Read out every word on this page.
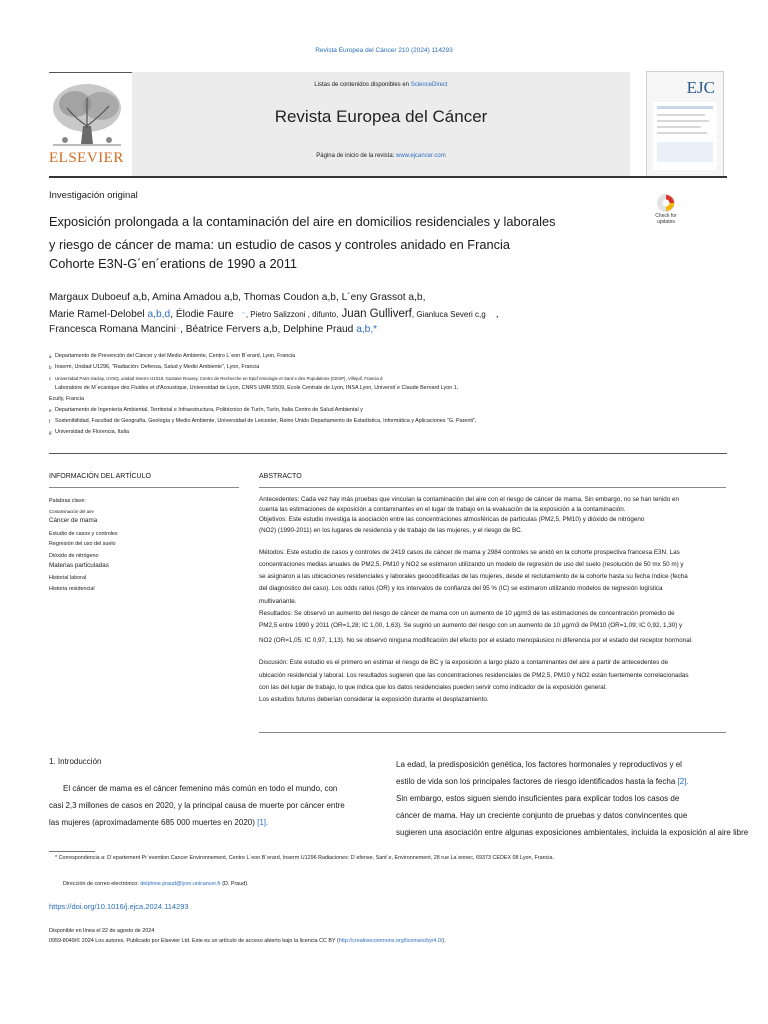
Revista Europea del Cáncer 210 (2024) 114293
ELSEVIER
Listas de contenidos disponibles en ScienceDirect
Revista Europea del Cáncer
Página de inicio de la revista: www.ejcancer.com
EJC
Check for updates
Investigación original
Exposición prolongada a la contaminación del aire en domicilios residenciales y laborales
y riesgo de cáncer de mama: un estudio de casos y controles anidado en Francia
Cohorte E3N-G´en´erations de 1990 a 2011
Margaux Duboeuf a,b, Amina Amadou a,b, Thomas Coudon a,b, L´eny Grassot a,b,
Marie Ramel-Delobel a,b,d, Élodie Faure ⁻, Pietro Salizzoni , difunto, Juan Gulliverf, Gianluca Severi c,g ,
Francesca Romana Mancini⁻, Béatrice Fervers a,b, Delphine Praud a,b,*
a Departamento de Prevención del Cáncer y del Medio Ambiente, Centro L´eon B´erard, Lyon, Francia
b Inserm, Unidad U1296, "Radiación: Defensa, Salud y Medio Ambiente", Lyon, Francia
c Universidad Paris-Saclay, UVSQ, unidad Inserm U1018, Gustave Roussy, Centro de Recherche en Epid´emiologie et Sant´e des Populations (CESP), Villejuif, Francia d
Laboratoire de M´ecanique des Fluides et d'Acoustique, Universidad de Lyon, CNRS UMR 5509, Ecole Centrale de Lyon, INSA Lyon, Universit´e Claude Bernard Lyon 1,
Ecully, Francia
e Departamento de Ingeniería Ambiental, Territorial e Infraestructura, Politécnico de Turín, Turín, Italia Centro de Salud Ambiental y
f Sostenibilidad, Facultad de Geografía, Geología y Medio Ambiente, Universidad de Leicester, Reino Unido Departamento de Estadística, Informática y Aplicaciones "G. Parenti",
g Universidad de Florencia, Italia
INFORMACIÓN DEL ARTÍCULO	ABSTRACTO
Palabras clave:
Contaminación del aire
Cáncer de mama
Estudio de casos y controles
Regresión del uso del suelo
Dióxido de nitrógeno
Materias particuladas
Historial laboral
Historia residencial
Antecedentes: Cada vez hay más pruebas que vinculan la contaminación del aire con el riesgo de cáncer de mama. Sin embargo, no se han tenido en
cuenta las estimaciones de exposición a contaminantes en el lugar de trabajo en la evaluación de la exposición a la contaminación.
Objetivos: Este estudio investiga la asociación entre las concentraciones atmosféricas de partículas (PM2,5, PM10) y dióxido de nitrógeno
(NO2) (1990-2011) en los lugares de residencia y de trabajo de las mujeres, y el riesgo de BC.
Métodos: Este estudio de casos y controles de 2419 casos de cáncer de mama y 2984 controles se anidó en la cohorte prospectiva francesa E3N. Las
concentraciones medias anuales de PM2,5, PM10 y NO2 se estimaron utilizando un modelo de regresión de uso del suelo (resolución de 50 mx 50 m) y
se asignaron a las ubicaciones residenciales y laborales geocodificadas de las mujeres, desde el reclutamiento de la cohorte hasta su fecha índice (fecha
del diagnóstico del caso). Los odds ratios (OR) y los intervalos de confianza del 95 % (IC) se estimaron utilizando modelos de regresión logística
multivariante.
Resultados: Se observó un aumento del riesgo de cáncer de mama con un aumento de 10 µg/m3 de las estimaciones de concentración promedio de
PM2,5 entre 1990 y 2011 (OR=1,28; IC 1,00, 1,63). Se sugirió un aumento del riesgo con un aumento de 10 µg/m3 de PM10 (OR=1,09; IC 0,92, 1,30) y
NO2 (OR=1,05; IC 0,97, 1,13). No se observó ninguna modificación del efecto por el estado menopáusico ni diferencia por el estado del receptor hormonal.
Discusión: Este estudio es el primero en estimar el riesgo de BC y la exposición a largo plazo a contaminantes del aire a partir de antecedentes de
ubicación residencial y laboral. Los resultados sugieren que las concentraciones residenciales de PM2,5, PM10 y NO2 están fuertemente correlacionadas
con las del lugar de trabajo, lo que indica que los datos residenciales pueden servir como indicador de la exposición general.
Los estudios futuros deberían considerar la exposición durante el desplazamiento.
1. Introducción
El cáncer de mama es el cáncer femenino más común en todo el mundo, con
casi 2,3 millones de casos en 2020, y la principal causa de muerte por cáncer entre
las mujeres (aproximadamente 685 000 muertes en 2020) [1].
La edad, la predisposición genética, los factores hormonales y reproductivos y el
estilo de vida son los principales factores de riesgo identificados hasta la fecha [2].
Sin embargo, estos siguen siendo insuficientes para explicar todos los casos de
cáncer de mama. Hay un creciente conjunto de pruebas y datos convincentes que
sugieren una asociación entre algunas exposiciones ambientales, incluida la exposición al aire libre
* Correspondencia a: D´epartement Pr´evention Cancer Environnement, Centre L´eon B´erard, Inserm U1296 Radiaciones: D´efense, Sant´e, Environnement, 28 rue La´ennec, 69373 CEDEX 08 Lyon, Francia.
Dirección de correo electrónico: delphine.praud@lyon.unicancer.fr (D. Praud).
https://doi.org/10.1016/j.ejca.2024.114293
Disponible en línea el 22 de agosto de 2024
0959-8049/© 2024 Los autores. Publicado por Elsevier Ltd. Este es un artículo de acceso abierto bajo la licencia CC BY (http://creativecommons.org/licenses/by/4.0/).
